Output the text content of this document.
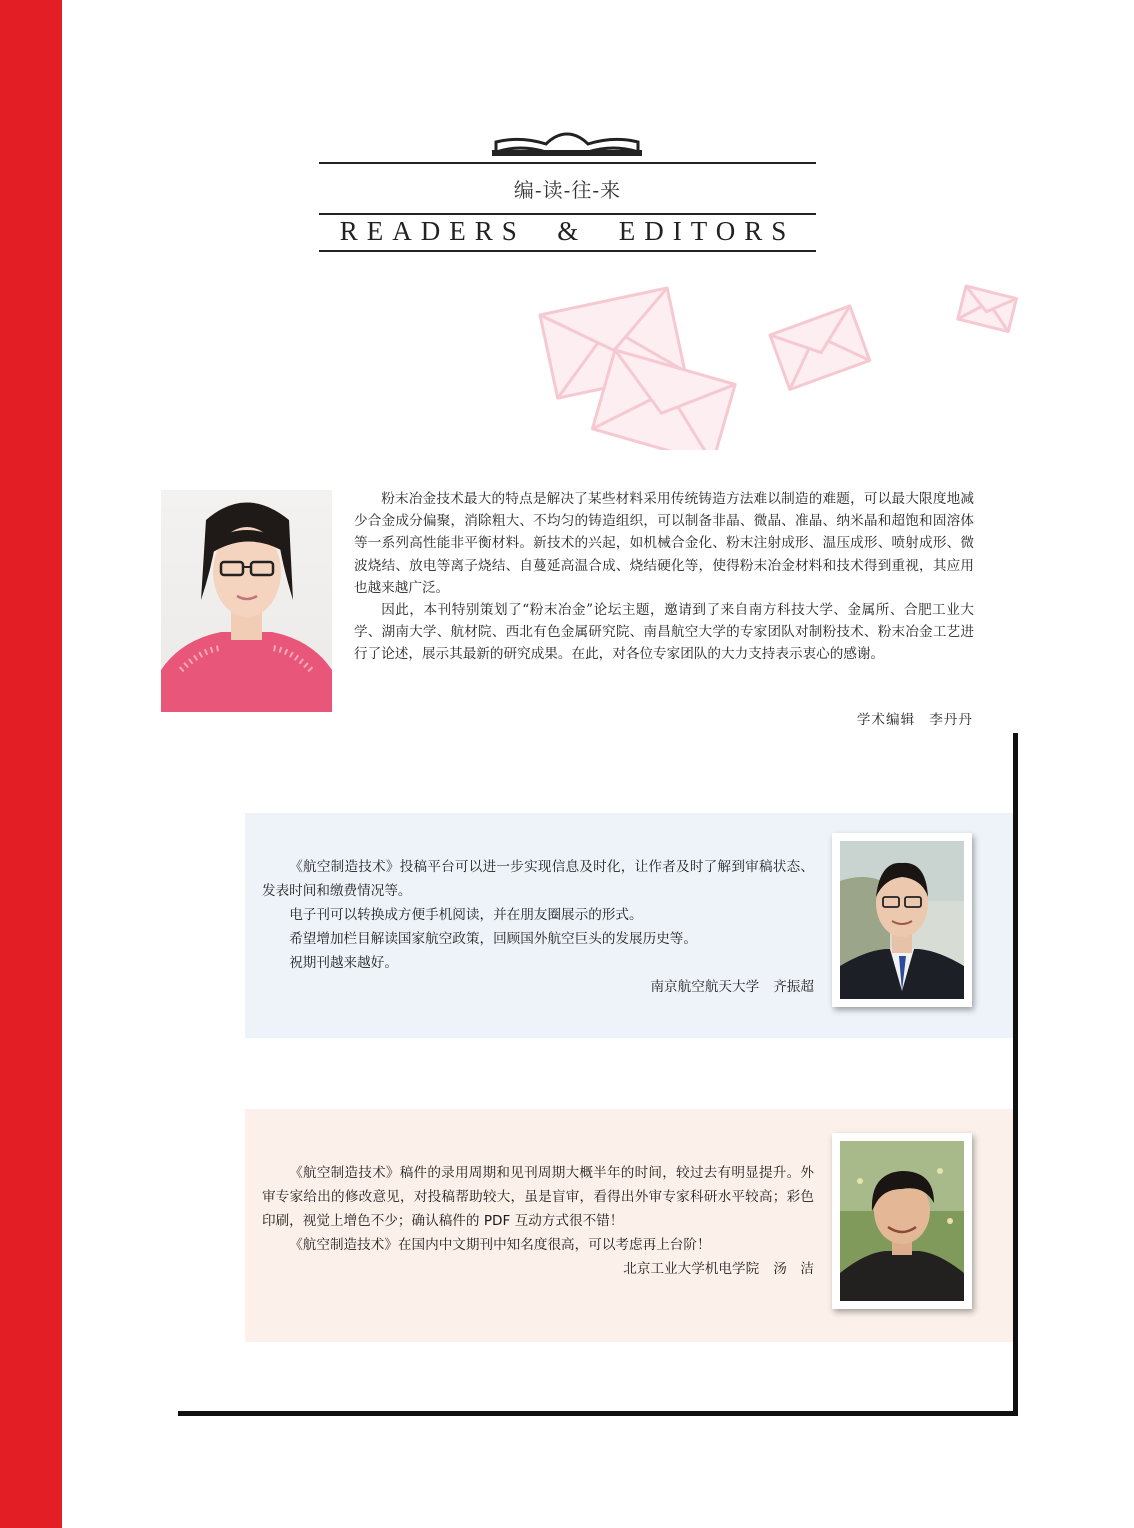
编-读-往-来
READERS  &  EDITORS

粉末冶金技术最大的特点是解决了某些材料采用传统铸造方法难以制造的难题，可以最大限度地减少合金成分偏聚，消除粗大、不均匀的铸造组织，可以制备非晶、微晶、准晶、纳米晶和超饱和固溶体等一系列高性能非平衡材料。新技术的兴起，如机械合金化、粉末注射成形、温压成形、喷射成形、微波烧结、放电等离子烧结、自蔓延高温合成、烧结硬化等，使得粉末冶金材料和技术得到重视，其应用也越来越广泛。

因此，本刊特别策划了“粉末冶金”论坛主题，邀请到了来自南方科技大学、金属所、合肥工业大学、湖南大学、航材院、西北有色金属研究院、南昌航空大学的专家团队对制粉技术、粉末冶金工艺进行了论述，展示其最新的研究成果。在此，对各位专家团队的大力支持表示衷心的感谢。

学术编辑 李丹丹

《航空制造技术》投稿平台可以进一步实现信息及时化，让作者及时了解到审稿状态、发表时间和缴费情况等。

电子刊可以转换成方便手机阅读，并在朋友圈展示的形式。

希望增加栏目解读国家航空政策，回顾国外航空巨头的发展历史等。

祝期刊越来越好。

南京航空航天大学 齐振超

《航空制造技术》稿件的录用周期和见刊周期大概半年的时间，较过去有明显提升。外审专家给出的修改意见，对投稿帮助较大，虽是盲审，看得出外审专家科研水平较高；彩色印刷，视觉上增色不少；确认稿件的 PDF 互动方式很不错！

《航空制造技术》在国内中文期刊中知名度很高，可以考虑再上台阶！

北京工业大学机电学院 汤　洁
